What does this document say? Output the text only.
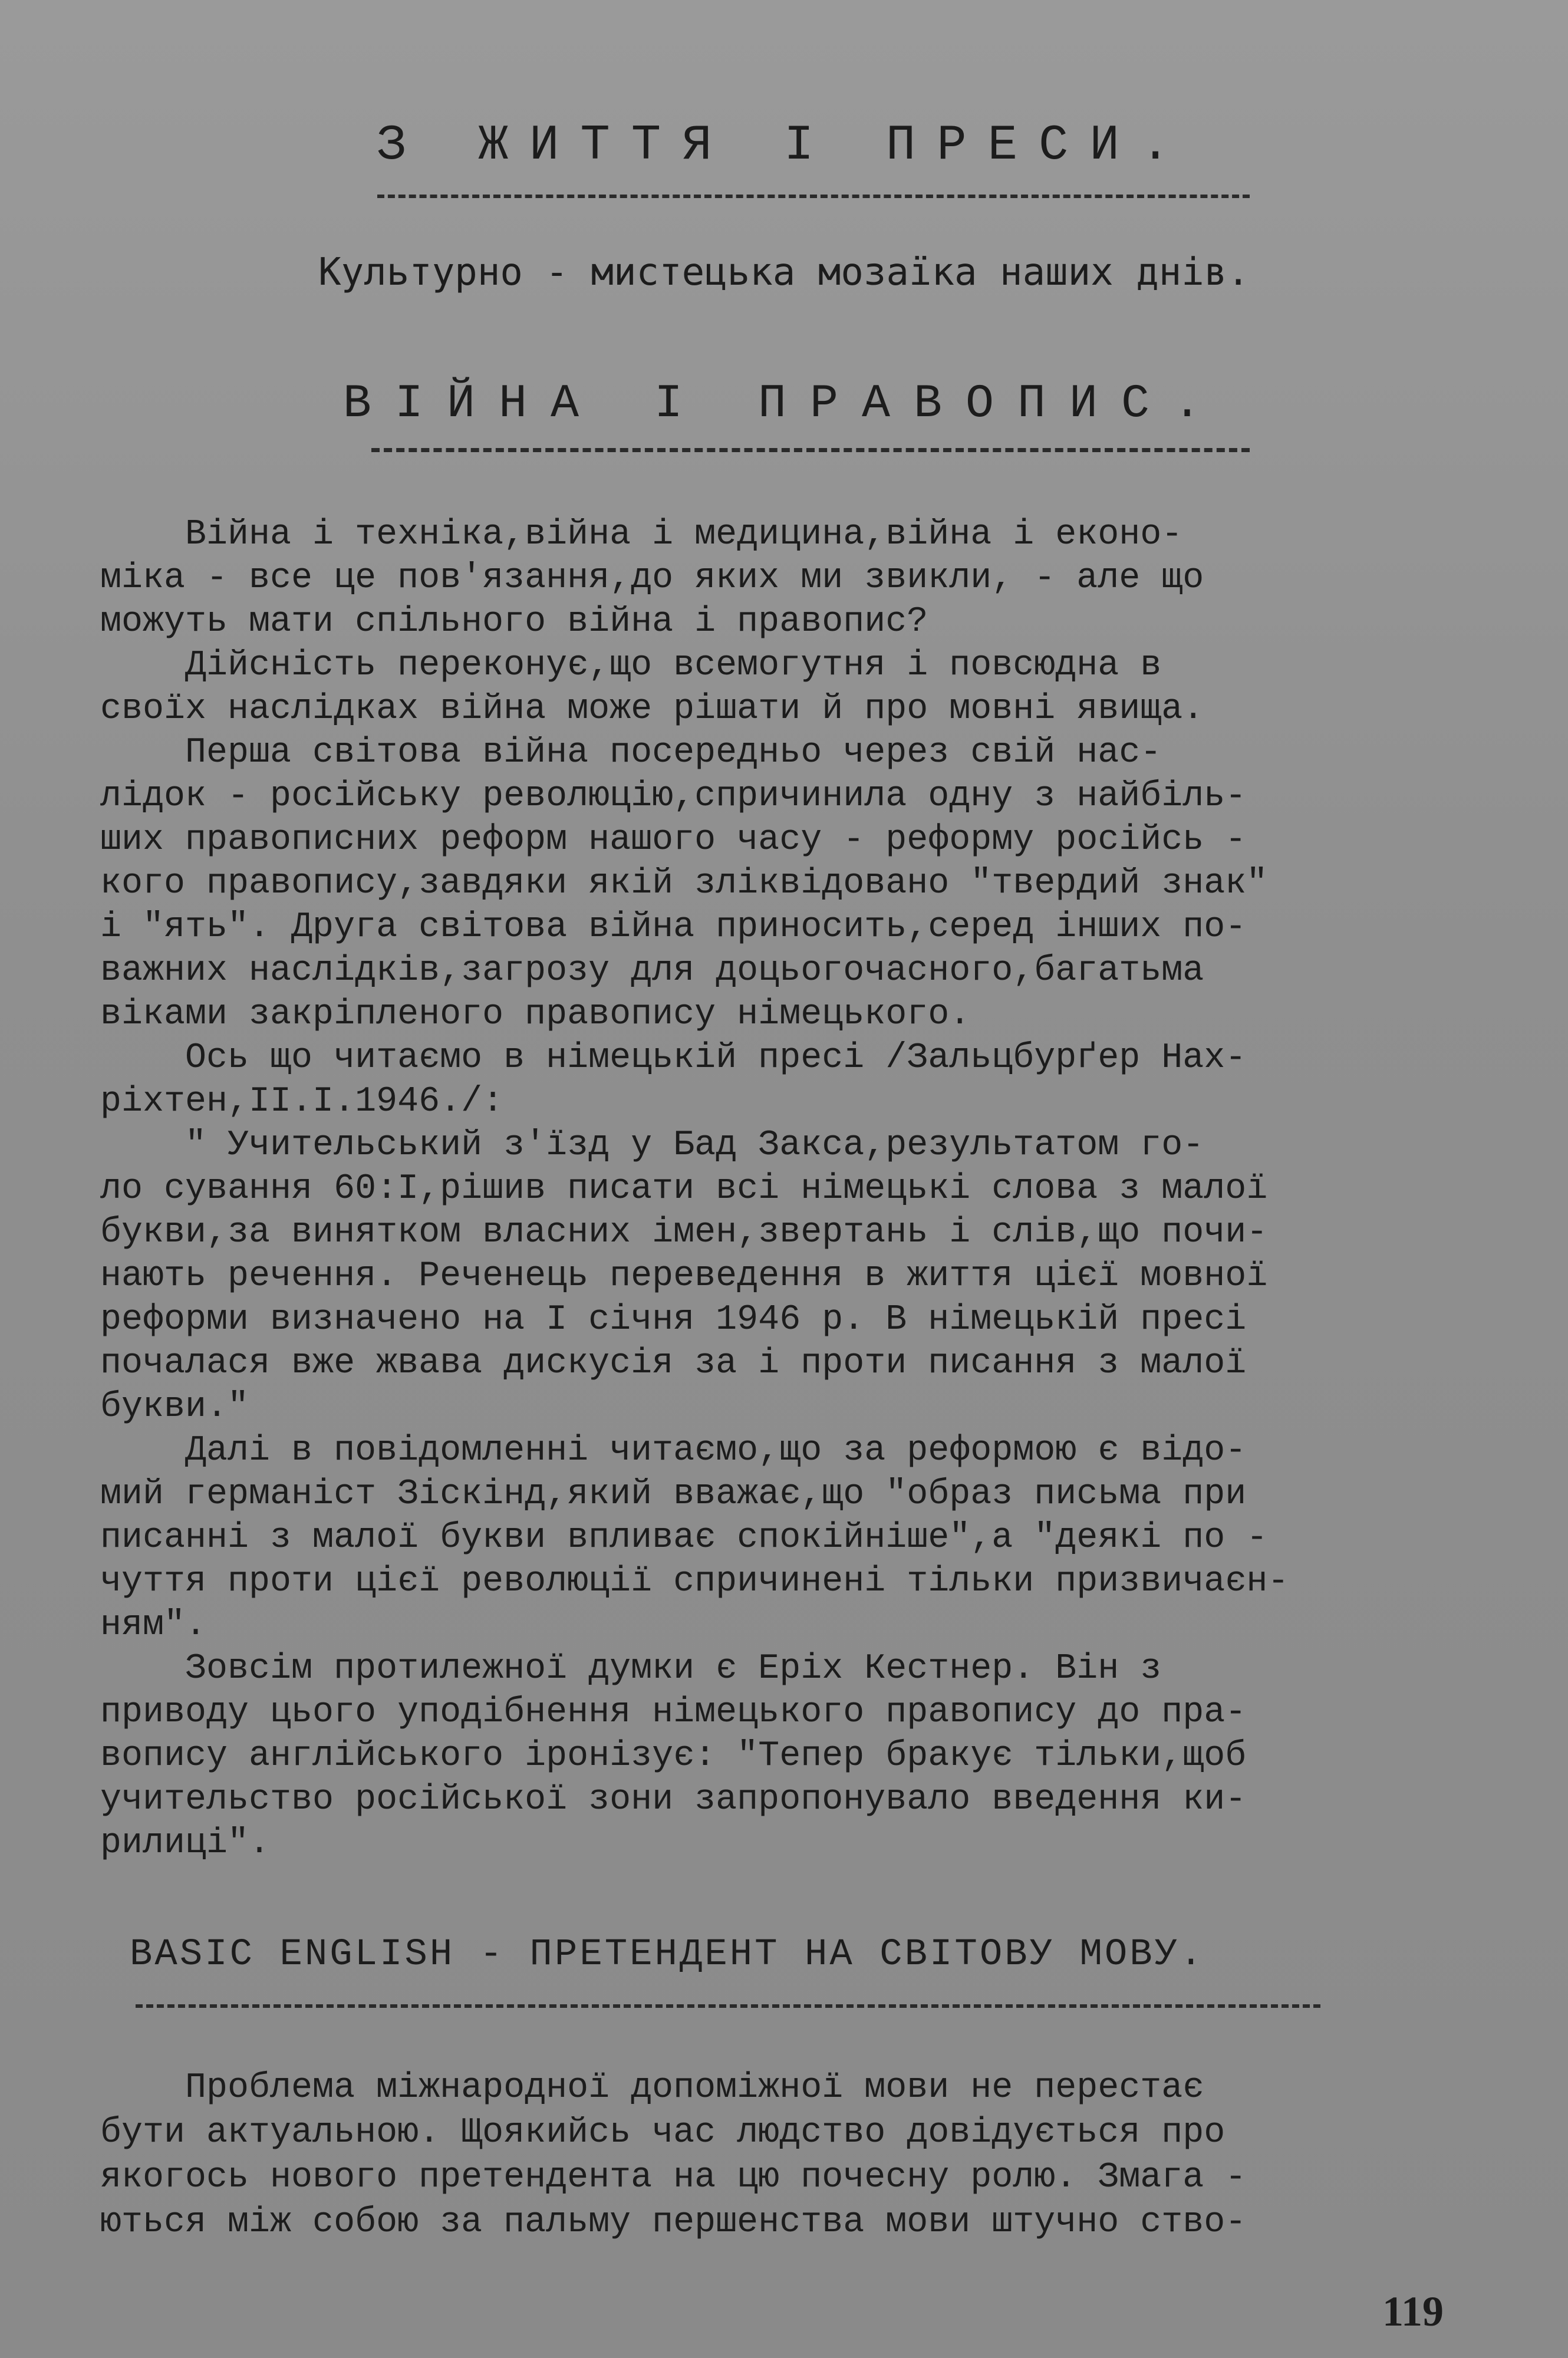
З ЖИТТЯ І ПРЕСИ.
Культурно - мистецька мозаїка наших днів.
ВІЙНА І ПРАВОПИС.
Війна і техніка,війна і медицина,війна і еконо-
міка - все це пов'язання,до яких ми звикли, - але що
можуть мати спільного війна і правопис?
Дійсність переконує,що всемогутня і повсюдна в
своїх наслідках війна може рішати й про мовні явища.
Перша світова війна посередньо через свій нас-
лідок - російську революцію,спричинила одну з найбіль-
ших правописних реформ нашого часу - реформу російсь -
кого правопису,завдяки якій зліквідовано "твердий знак"
і "ять". Друга світова війна приносить,серед інших по-
важних наслідків,загрозу для доцьогочасного,багатьма
віками закріпленого правопису німецького.
Ось що читаємо в німецькій пресі /Зальцбурґер Нах-
ріхтен,II.I.1946./:
" Учительський з'їзд у Бад Закса,результатом го-
ло сування 60:І,рішив писати всі німецькі слова з малої
букви,за винятком власних імен,звертань і слів,що почи-
нають речення. Реченець переведення в життя цієї мовної
реформи визначено на І січня 1946 р. В німецькій пресі
почалася вже жвава дискусія за і проти писання з малої
букви."
Далі в повідомленні читаємо,що за реформою є відо-
мий германіст Зіскінд,який вважає,що "образ письма при
писанні з малої букви впливає спокійніше",а "деякі по -
чуття проти цієї революції спричинені тільки призвичаєн-
ням".
Зовсім протилежної думки є Еріх Кестнер. Він з
приводу цього уподібнення німецького правопису до пра-
вопису англійського іронізує: "Тепер бракує тільки,щоб
учительство російської зони запропонувало введення ки-
рилиці".
BASIC ENGLISH - ПРЕТЕНДЕНТ НА СВІТОВУ МОВУ.
Проблема міжнародної допоміжної мови не перестає
бути актуальною. Щоякийсь час людство довідується про
якогось нового претендента на цю почесну ролю. Змага -
ються між собою за пальму першенства мови штучно ство-
119
